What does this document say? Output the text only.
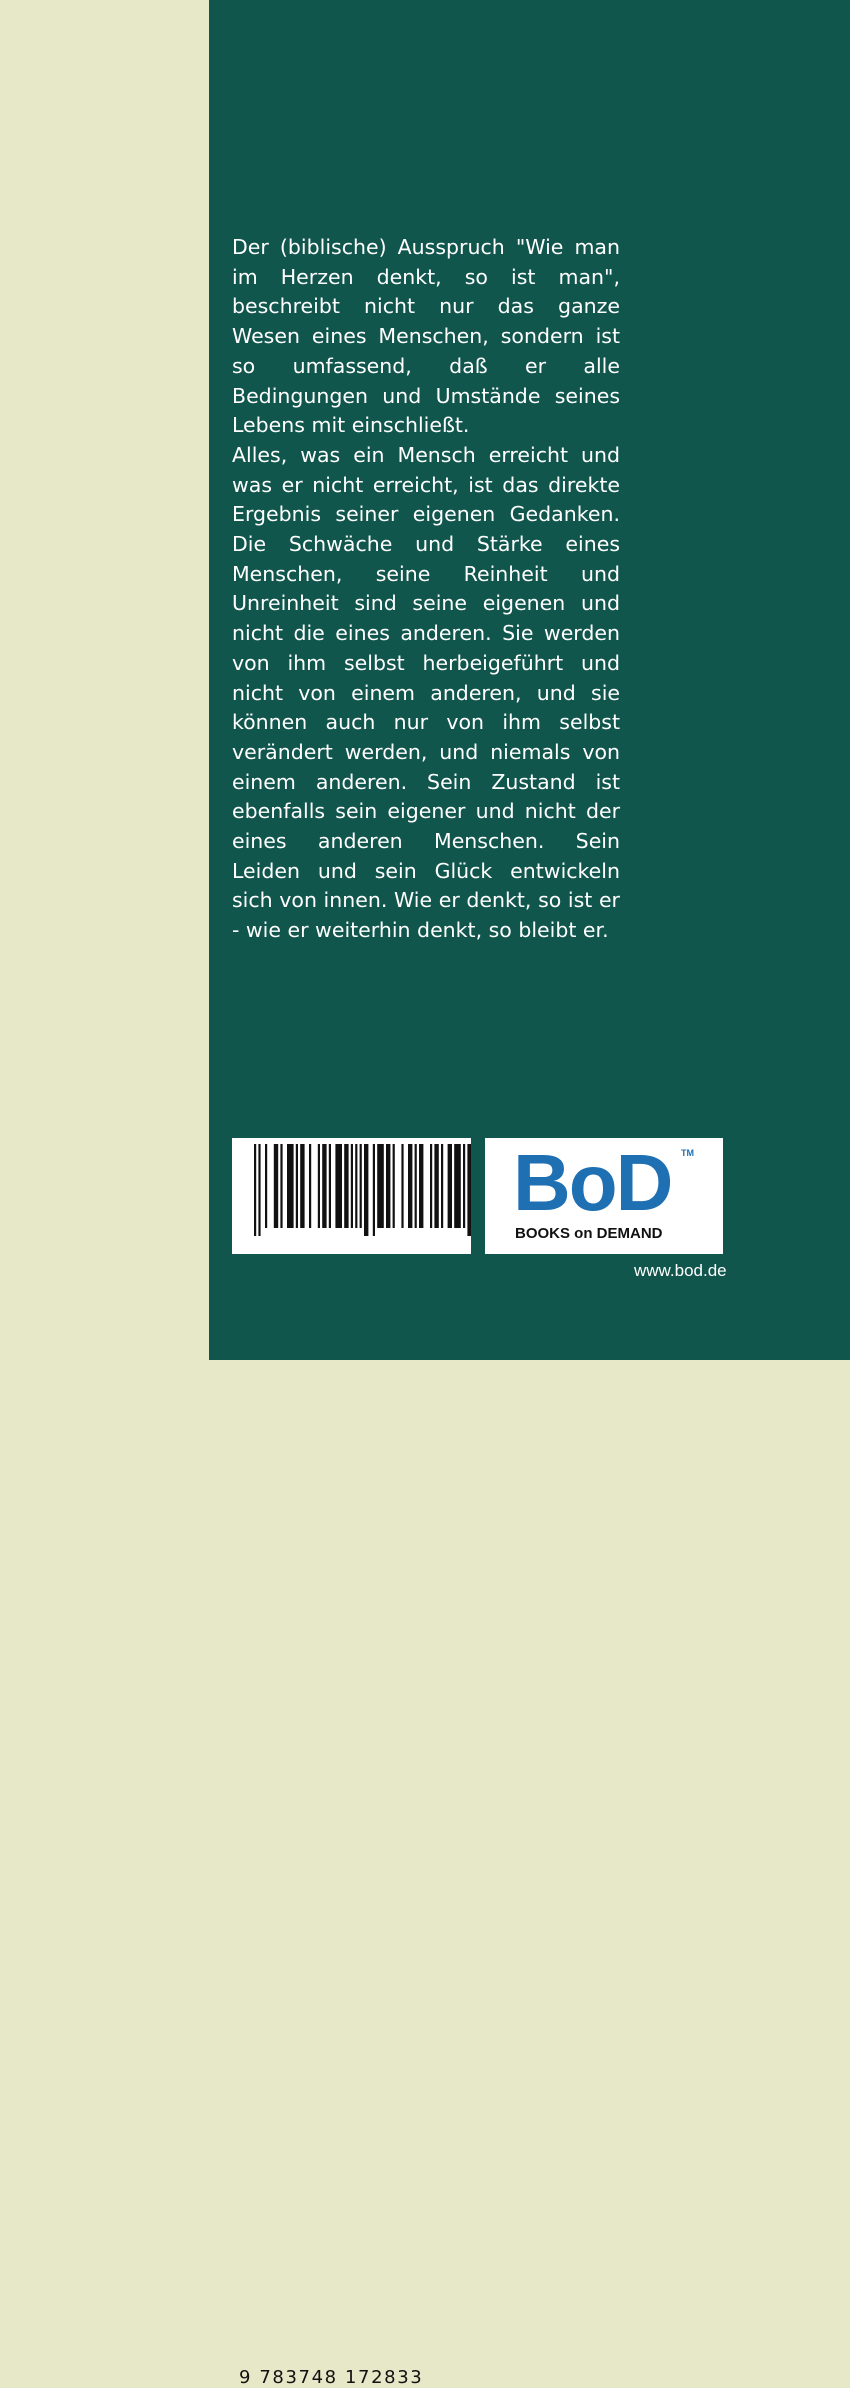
Der (biblische) Ausspruch "Wie man im Herzen denkt, so ist man", beschreibt nicht nur das ganze Wesen eines Menschen, sondern ist so umfassend, daß er alle Bedingungen und Umstände seines Lebens mit einschließt.

Alles, was ein Mensch erreicht und was er nicht erreicht, ist das direkte Ergebnis seiner eigenen Gedanken. Die Schwäche und Stärke eines Menschen, seine Reinheit und Unreinheit sind seine eigenen und nicht die eines anderen. Sie werden von ihm selbst herbeigeführt und nicht von einem anderen, und sie können auch nur von ihm selbst verändert werden, und niemals von einem anderen. Sein Zustand ist ebenfalls sein eigener und nicht der eines anderen Menschen. Sein Leiden und sein Glück entwickeln sich von innen. Wie er denkt, so ist er - wie er weiterhin denkt, so bleibt er.

9 783748 172833
BoD	TM
BOOKS on DEMAND
www.bod.de
